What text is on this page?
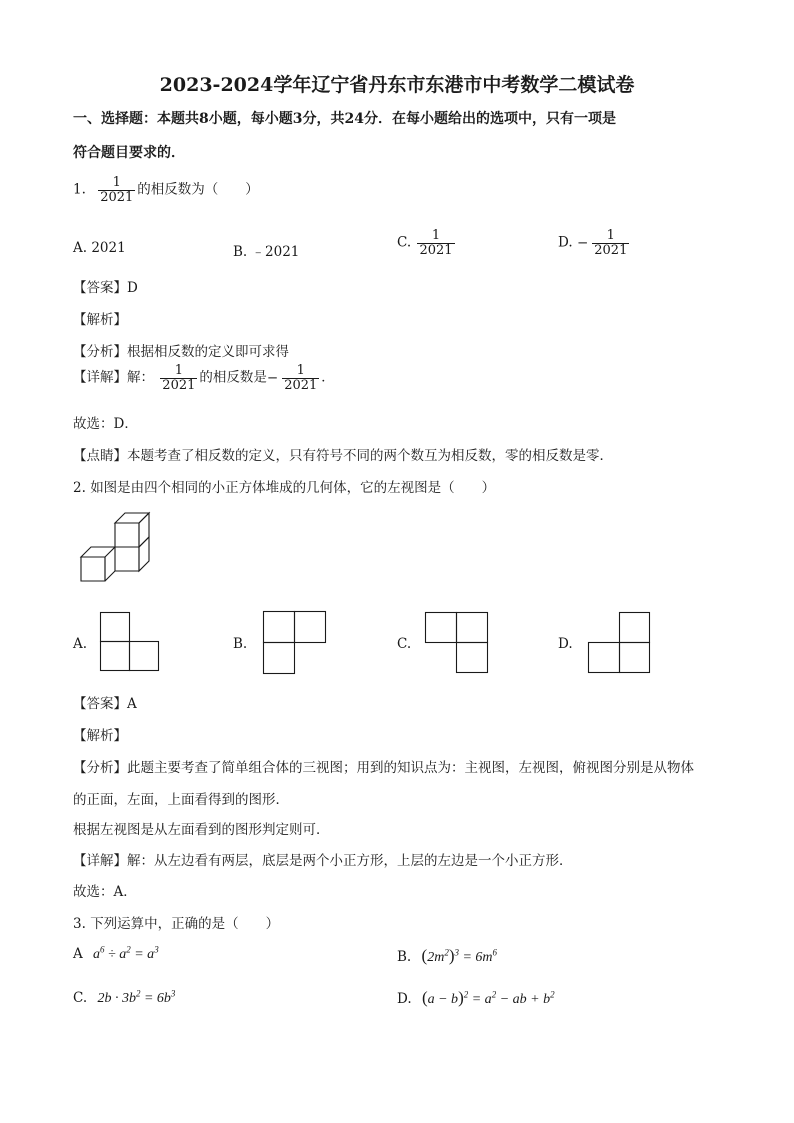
2023-2024学年辽宁省丹东市东港市中考数学二模试卷
一、选择题：本题共8小题，每小题3分，共24分．在每小题给出的选项中，只有一项是
符合题目要求的．
1. $\frac{1}{2021}$ 的相反数为（　　）
A. 2021	B. ﹣2021
C. $\frac{1}{2021}$	D. − $\frac{1}{2021}$
【答案】D
【解析】
【分析】根据相反数的定义即可求得
【详解】解： $\frac{1}{2021}$ 的相反数是− $\frac{1}{2021}$ ．
故选：D．
【点睛】本题考查了相反数的定义，只有符号不同的两个数互为相反数，零的相反数是零．
2. 如图是由四个相同的小正方体堆成的几何体，它的左视图是（　　）
A.	B.	C.	D.
【答案】A
【解析】
【分析】此题主要考查了简单组合体的三视图；用到的知识点为：主视图，左视图，俯视图分别是从物体
的正面，左面，上面看得到的图形．
根据左视图是从左面看到的图形判定则可．
【详解】解：从左边看有两层，底层是两个小正方形，上层的左边是一个小正方形．
故选：A．
3. 下列运算中，正确的是（　　）
A $a^6 \div a^2 = a^3$	B. $(2m^2)^3 = 6m^6$
C. $2b \cdot 3b^2 = 6b^3$	D. $(a - b)^2 = a^2$ − ab + $b^2$
